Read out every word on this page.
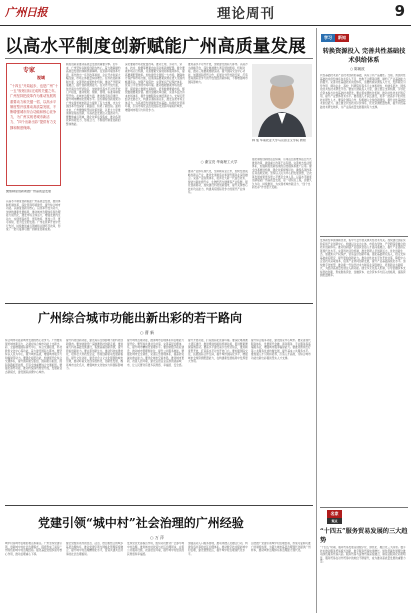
广州日报	理论周刊	9
以高水平制度创新赋能广州高质量发展
专家
视域
“十四五”开局起步，也是广州“十一五”规划目标完成的关键之年。广州坚持把改革作为推动发展的重要动力和关键一招，以高水平制度型开放推动高质量发展，不断增强城市综合功能和核心竞争力，为广州实现老城市新活力、“四个出新出彩”提供有力支撑和制度保障。
聚焦制度创新助推广州高质量发展
以高水平制度创新赋能广州高质量发展，推进体制机制改革，深化营商环境建设，提升综合城市功能。以制度创新为核心，以改革开放为动力，加快构建新发展格局，推动城市治理体系和治理能力现代化，激发市场主体活力，增强发展内生动力，实现更高质量、更有效率、更加公平、更可持续、更为安全的发展。广州在改革开放中先行先试，持续推进重点领域和关键环节改革，形成了一批可复制可推广的制度创新成果。
制度创新是推动高质量发展的重要引擎。近年来，广州坚持以制度创新为核心，着力破除制约高质量发展的体制机制障碍。在营商环境改革方面，率先推出一系列改革举措，企业开办时间大幅压缩，市场主体数量持续增长。在科技创新体制方面，完善科技成果转化机制，推动产学研深度融合，提升创新策源能力。在对外开放方面，依托南沙自贸试验区，加快建设高水平对外开放门户枢纽，推动规则、规制、管理、标准等制度型开放。在城市治理方面，推进数字政府建设，提升城市精细化管理水平。这些制度创新成果为广州实现老城市新活力提供了有力支撑，也为全国改革开放探索了新路径、积累了新经验。面向未来，广州要继续坚持改革创新，以更大力度推进制度集成创新，为高质量发展注入强劲动力。要聚焦重点领域，强化改革系统集成，推动各项改革协同发力、形成合力，不断提升制度创新的整体效能。
深化要素市场化配置改革，推动土地、劳动力、资本、技术、数据等要素自由流动和高效配置。健全要素市场运行机制，完善要素交易规则和服务体系，提高要素配置效率。加快建设全国统一大市场，破除地方保护和市场分割，促进商品要素资源在更大范围内畅通流动。加强产权保护，完善知识产权保护体系，营造公平竞争的市场环境。推动数据要素市场化配置，探索建立数据交易制度，培育数据要素市场，释放数据要素价值。推进金融改革创新，完善多层次资本市场体系，提升金融服务实体经济能力。支持民营经济发展壮大，构建亲清政商关系，激发各类市场主体活力，为高质量发展提供坚实基础。持续优化营商环境，打造市场化法治化国际化营商环境标杆城市，增强城市吸引力和竞争力。
推进高水平对外开放，加快建设国际大都市。以南沙为战略平台，深化粤港澳大湾区规则衔接、机制对接，推动三地要素便捷流动。提升国际交往中心功能，加强国际经贸合作，拓展对外开放新空间，打造更具国际竞争力的开放型经济新体制，不断增强城市国际影响力。
○ 谢宝亮 华南理工大学
林 成 华南农业大学马克思主义学院 教授
强化制度创新的法治保障，运用法治思维和法治方式推进改革，做到重大改革于法有据。完善地方性法规体系，加强制度创新成果的总结提炼和推广应用。健全改革推进机制，强化改革督察评估，确保各项改革任务落地见效。坚持以人民为中心的发展思想，让改革发展成果更多更公平惠及全体人民。以高水平制度创新赋能广州高质量发展，是一项系统工程，需要久久为功、持续推进，为实现老城市新活力、“四个出新出彩”作出更大贡献。
推动产业体系现代化，坚持制造业立市，加快发展战略性新兴产业，推进先进制造业和现代服务业深度融合。完善产业政策体系，培育壮大新一代信息技术、智能与新能源汽车、生物医药与健康等产业集群。强化创新驱动，加快建设科技创新强市，提升关键核心技术攻关能力，构建具有国际竞争力的现代产业体系。
学习	新知
转换资源投入 完善共性基础技术供给体系
○ 陈朝波
共性基础技术是产业技术创新的基础，具有公共产品属性。当前，我国共性基础技术供给体系存在投入不足、结构不合理等问题，制约了产业基础能力的提升。完善共性基础技术供给体系，需要转换资源投入方式，发挥政府引导作用，调动企业、高校、科研院所等多元主体积极性，构建多层次、网络化的共性技术研发平台。要加大财政投入力度，建立稳定支持机制，引导社会资本参与共性基础技术研发。要完善成果转化机制，推动共性技术扩散应用，提升产业整体技术水平。要加强人才队伍建设，培养一批高水平的共性技术研发人才。要深化国际合作，积极融入全球创新网络，提升共性基础技术供给能力。建立健全共性技术评价体系，优化资源配置结构，提升共性基础技术研发效率，为产业高质量发展提供有力支撑。
发挥新型举国体制优势，集中力量开展关键共性技术攻关。加快建设国家实验室和产业创新中心，构建以企业为主体、市场为导向、产学研深度融合的技术创新体系。推动创新链产业链资金链人才链深度融合，提升产业链供应链现代化水平。完善科技评价机制，激发科研人员创新活力。优化创新生态，加强知识产权保护，营造良好创新环境。强化基础研究投入，稳定支持基础前沿研究，提升原始创新能力。推动共性技术平台开放共享，降低中小企业技术获取成本，促进产业协同创新发展，提升产业基础高级化水平。加快数字化转型，推动新一代信息技术与制造业深度融合，培育新业态新模式，为经济高质量发展注入新动能。健全多元化投入机制，引导金融资本支持科技创新，形成财政资金、金融资本、社会资本多方投入的格局，提高资源配置效率。
广州综合城市功能出新出彩的若干路向
○ 曹 新
综合城市功能是城市发展的核心竞争力。广州要实现老城市新活力，必须在综合城市功能上出新出彩，全面增强国际商贸中心、综合交通枢纽、科技教育文化中心等功能，着力建设国际大都市。要坚持以人民为中心，提升城市品质，增强城市吸引力和辐射带动力。要强化枢纽功能，构建现代化综合交通体系，提升国际航空枢纽、国际航运枢纽、国际铁路枢纽能级，打造全球重要综合交通枢纽。要强化商贸功能，推动传统商贸转型升级，发展新业态新模式，建设国际消费中心城市。
提升科技创新功能，建设具有全球影响力的科技创新强市。要加快建设广深港澳科技创新走廊，推进重大科技基础设施建设，集聚高端创新资源，提升原始创新能力。要完善创新生态，推动科技成果转化，培育壮大科技型企业，形成创新驱动发展新格局。提升文化功能，建设社会主义文化强国的城市范例，推动岭南文化创造性转化、创新性发展，擦亮城市文化名片，增强城市文化软实力和国际影响力。
提升城市治理功能，推进城市治理体系和治理能力现代化。要坚持共建共治共享，完善基层治理体系，提升城市精细化管理水平。要加快数字政府建设，推动城市管理智能化，提升公共服务效能。要强化城市安全韧性，完善应急管理体系，提高防灾减灾救灾能力。要优化城市空间布局，推进城市更新，改善人居环境，建设宜居宜业宜游的美丽城市，让人民群众有更多获得感、幸福感、安全感。
提升开放功能，打造国际化营商环境。要深化粤港澳大湾区建设，推进规则衔接和机制对接，促进要素便捷高效流动。要高水平建设南沙自贸试验区，推进制度型开放，打造高水平对外开放门户。要加强国际交往，拓展国际合作空间，提升城市国际化水平，增强城市全球资源配置能力，在构建新发展格局中发挥更大作用。
提升综合服务功能，建设国家中心城市。要完善现代服务体系，发展现代金融、商务服务、专业服务等高端服务业，增强城市服务辐射能力。要推进教育医疗等公共服务优质均衡发展，提升基本公共服务水平。要加强人才引进和培养，打造人才高地，为综合城市功能出新出彩提供坚实人才支撑。
名家
观点
“十四五”服务贸易发展的三大趋势
“十四五”时期，服务贸易发展呈现数字化、绿色化、融合化三大趋势。数字技术推动服务贸易模式创新，数字服务贸易快速增长。绿色低碳发展理念推动绿色服务贸易兴起。服务贸易与货物贸易深度融合，制造业服务化趋势明显，服务贸易在对外贸易中的地位不断提升，成为推动高质量发展的重要力量。
党建引领“城中村”社会治理的广州经验
○ 万 萍
城中村是城市治理的难点和重点。广州坚持党建引领，创新城中村社会治理模式，探索形成了具有广州特色的城中村治理经验。强化基层党组织领导核心作用，推动治理重心下移。
健全党组织领导的自治、法治、德治相结合的城乡基层治理体系，推动党建引领与网格化管理深度融合，提升城中村治理精细化水平，营造共建共治共享的社会治理格局。
发挥党员先锋模范作用，组织动员群众广泛参与城中村治理。推进城中村改造与社区治理同步，完善公共服务设施，改善居住环境，提升城中村居民的获得感和幸福感。
加强流动人口服务管理，推动来穗人员融合行动，构建包容共享的社区治理体系。推动数字技术赋能城中村治理，建设智慧社区，提升城中村治理现代化水平。
总结推广党建引领城中村治理经验，形成可复制可推广的制度成果，为超大城市基层治理现代化提供广州样本，推动城市治理体系和治理能力现代化。
